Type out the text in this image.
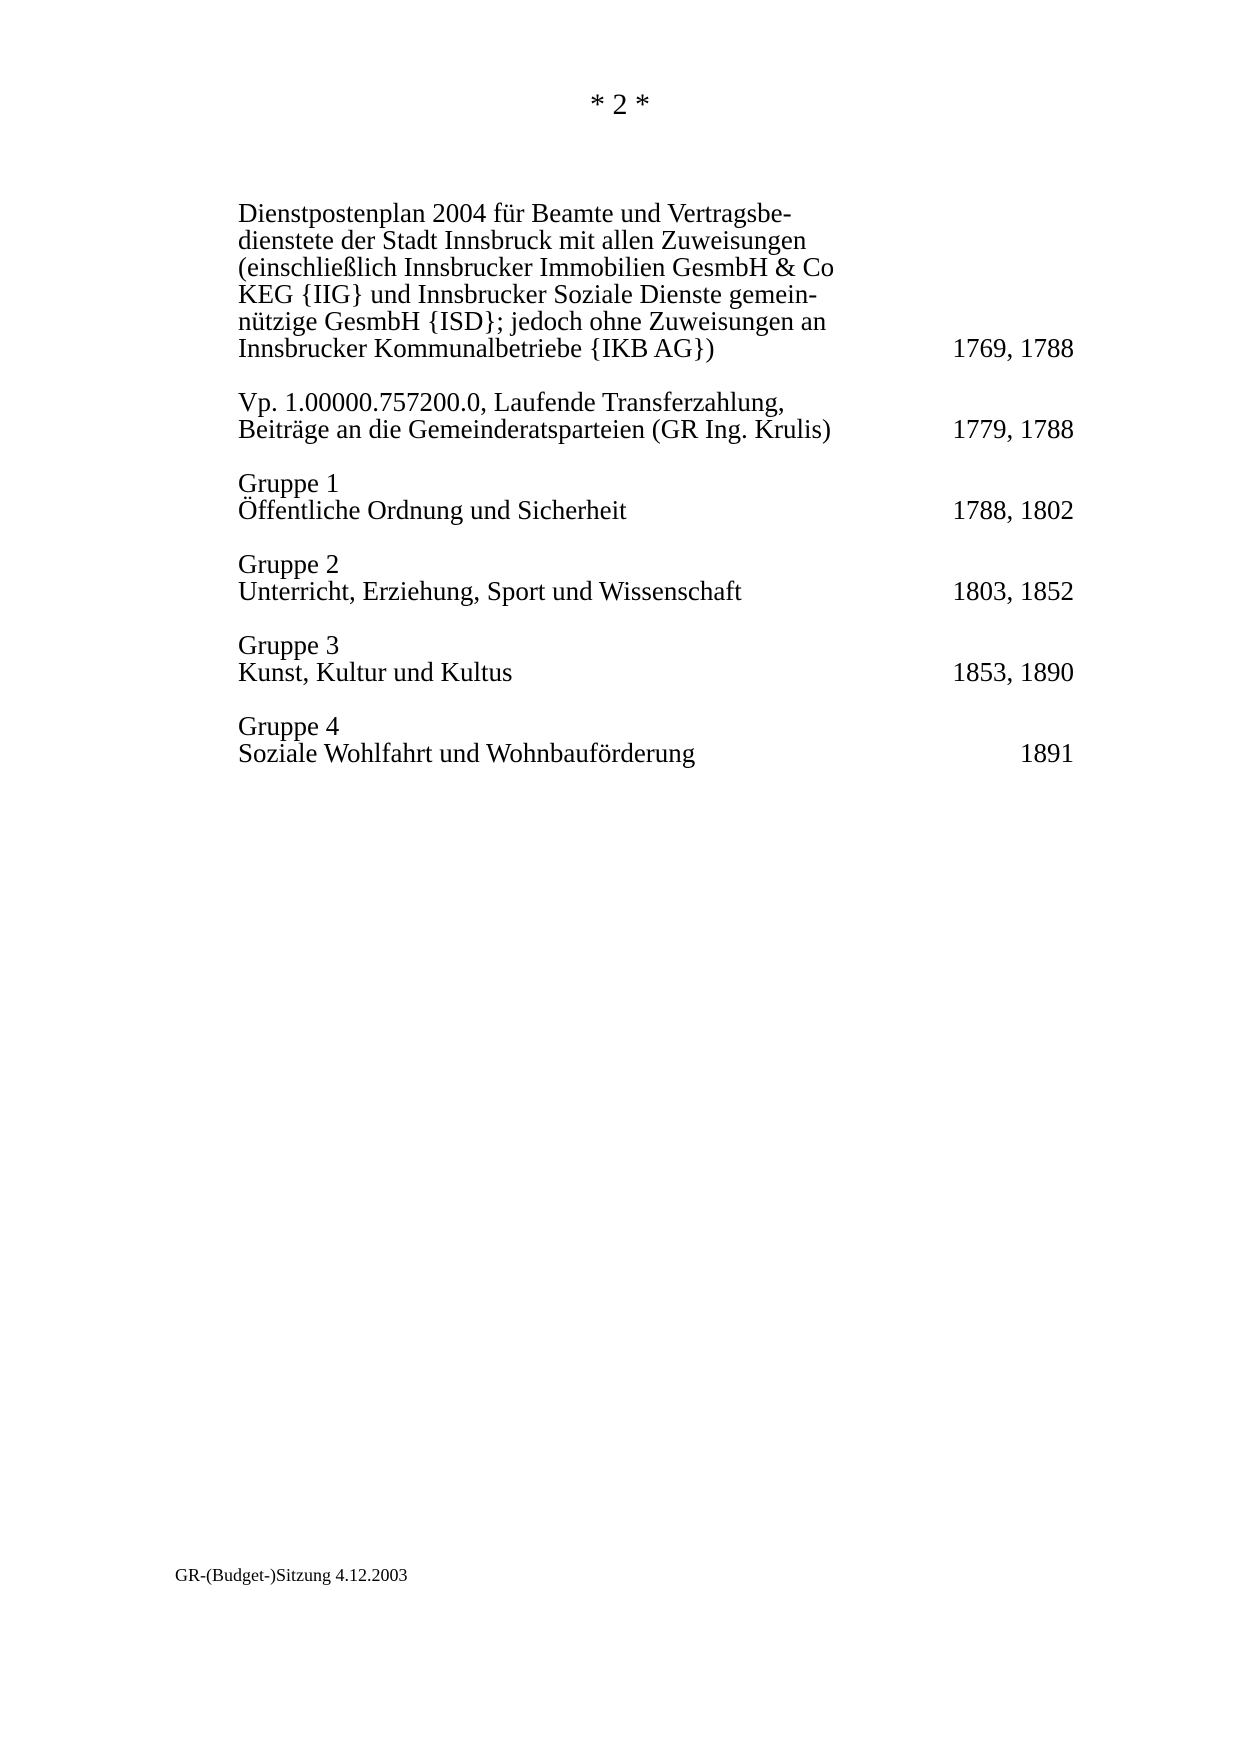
* 2 *
Dienstpostenplan 2004 für Beamte und Vertragsbe-
dienstete der Stadt Innsbruck mit allen Zuweisungen
(einschließlich Innsbrucker Immobilien GesmbH & Co
KEG {IIG} und Innsbrucker Soziale Dienste gemein-
nützige GesmbH {ISD}; jedoch ohne Zuweisungen an
Innsbrucker Kommunalbetriebe {IKB AG})	1769, 1788
Vp. 1.00000.757200.0, Laufende Transferzahlung,
Beiträge an die Gemeinderatsparteien (GR Ing. Krulis)	1779, 1788
Gruppe 1
Öffentliche Ordnung und Sicherheit	1788, 1802
Gruppe 2
Unterricht, Erziehung, Sport und Wissenschaft	1803, 1852
Gruppe 3
Kunst, Kultur und Kultus	1853, 1890
Gruppe 4
Soziale Wohlfahrt und Wohnbauförderung	1891
GR-(Budget-)Sitzung 4.12.2003
